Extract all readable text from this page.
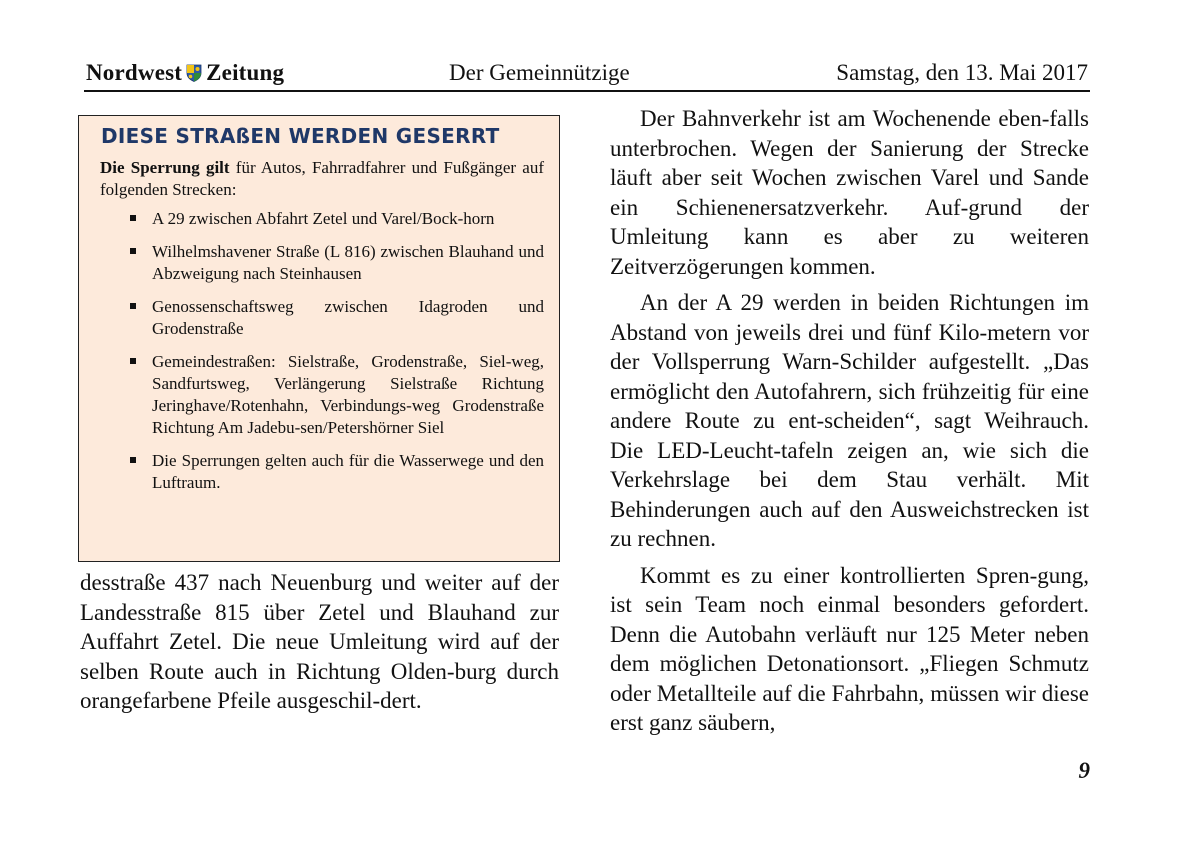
Nordwest Zeitung	Der Gemeinnützige	Samstag, den 13. Mai 2017
DIESE STRAßEN WERDEN GESERRT

Die Sperrung gilt für Autos, Fahrradfahrer und Fußgänger auf folgenden Strecken:

A 29 zwischen Abfahrt Zetel und Varel/Bock-horn
Wilhelmshavener Straße (L 816) zwischen Blauhand und Abzweigung nach Steinhausen
Genossenschaftsweg zwischen Idagroden und Grodenstraße
Gemeindestraßen: Sielstraße, Grodenstraße, Siel-weg, Sandfurtsweg, Verlängerung Sielstraße Richtung Jeringhave/Rotenhahn, Verbindungs-weg Grodenstraße Richtung Am Jadebu-sen/Petershörner Siel
Die Sperrungen gelten auch für die Wasserwege und den Luftraum.
desstraße 437 nach Neuenburg und weiter auf der Landesstraße 815 über Zetel und Blauhand zur Auffahrt Zetel. Die neue Umleitung wird auf der selben Route auch in Richtung Olden-burg durch orangefarbene Pfeile ausgeschil-dert.

Der Bahnverkehr ist am Wochenende eben-falls unterbrochen. Wegen der Sanierung der Strecke läuft aber seit Wochen zwischen Varel und Sande ein Schienenersatzverkehr. Auf-grund der Umleitung kann es aber zu weiteren Zeitverzögerungen kommen.

An der A 29 werden in beiden Richtungen im Abstand von jeweils drei und fünf Kilo-metern vor der Vollsperrung Warn-Schilder aufgestellt. „Das ermöglicht den Autofahrern, sich frühzeitig für eine andere Route zu ent-scheiden“, sagt Weihrauch. Die LED-Leucht-tafeln zeigen an, wie sich die Verkehrslage bei dem Stau verhält. Mit Behinderungen auch auf den Ausweichstrecken ist zu rechnen.

Kommt es zu einer kontrollierten Spren-gung, ist sein Team noch einmal besonders gefordert. Denn die Autobahn verläuft nur 125 Meter neben dem möglichen Detonationsort. „Fliegen Schmutz oder Metallteile auf die Fahrbahn, müssen wir diese erst ganz säubern,

9
